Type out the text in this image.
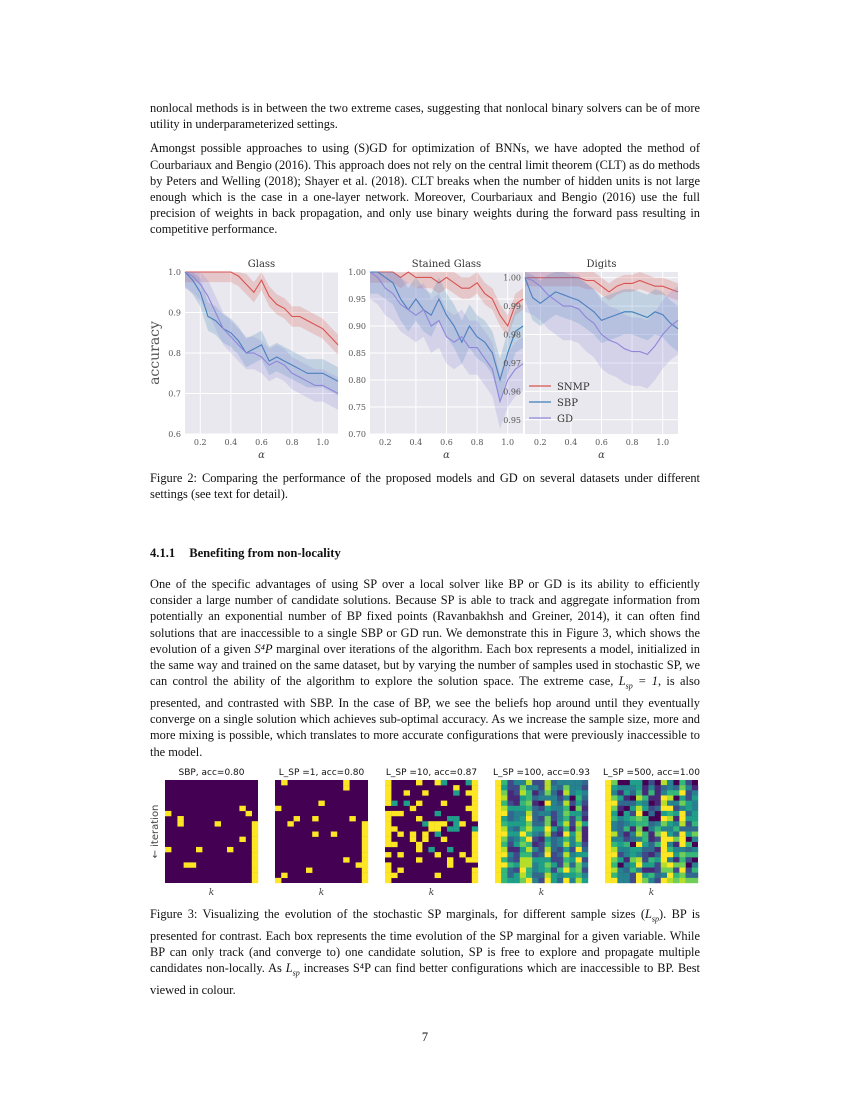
nonlocal methods is in between the two extreme cases, suggesting that nonlocal binary solvers can be of more utility in underparameterized settings.

Amongst possible approaches to using (S)GD for optimization of BNNs, we have adopted the method of Courbariaux and Bengio (2016). This approach does not rely on the central limit theorem (CLT) as do methods by Peters and Welling (2018); Shayer et al. (2018). CLT breaks when the number of hidden units is not large enough which is the case in a one-layer network. Moreover, Courbariaux and Bengio (2016) use the full precision of weights in back propagation, and only use binary weights during the forward pass resulting in competitive performance.

0.6
0.7
0.8
0.9
1.0
0.2 0.4 0.6 0.8 1.0
Glass
α
accuracy
0.70
0.75
0.80
0.85
0.90
0.95
1.00
0.2 0.4 0.6 0.8 1.0
Stained Glass
α
0.95
0.96
0.97
0.98
0.99
1.00
0.2 0.4 0.6 0.8 1.0
Digits
α
SNMP
SBP
GD
Figure 2: Comparing the performance of the proposed models and GD on several datasets under different settings (see text for detail).
4.1.1 Benefiting from non-locality
One of the specific advantages of using SP over a local solver like BP or GD is its ability to efficiently consider a large number of candidate solutions. Because SP is able to track and aggregate information from potentially an exponential number of BP fixed points (Ravanbakhsh and Greiner, 2014), it can often find solutions that are inaccessible to a single SBP or GD run. We demonstrate this in Figure 3, which shows the evolution of a given S⁴P marginal over iterations of the algorithm. Each box represents a model, initialized in the same way and trained on the same dataset, but by varying the number of samples used in stochastic SP, we can control the ability of the algorithm to explore the solution space. The extreme case, $L_{sp} = 1$, is also presented, and contrasted with SBP. In the case of BP, we see the beliefs hop around until they eventually converge on a single solution which achieves sub-optimal accuracy. As we increase the sample size, more and more mixing is possible, which translates to more accurate configurations that were previously inaccessible to the model.
← iteration
SBP, acc=0.80
k
L_SP =1, acc=0.80
k
L_SP =10, acc=0.87
k
L_SP =100, acc=0.93
k
L_SP =500, acc=1.00
k
Figure 3: Visualizing the evolution of the stochastic SP marginals, for different sample sizes $(L_{sp})$. BP is presented for contrast. Each box represents the time evolution of the SP marginal for a given variable. While BP can only track (and converge to) one candidate solution, SP is free to explore and propagate multiple candidates non-locally. As $L_{sp}$ increases S⁴P can find better configurations which are inaccessible to BP. Best viewed in colour.
7
